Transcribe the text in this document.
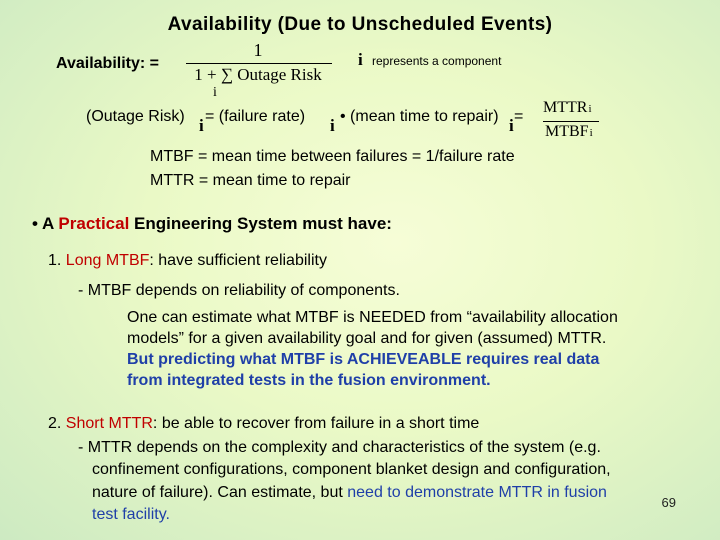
Availability (Due to Unscheduled Events)
Availability: =
1
1 + ∑ Outage Risk
i
i represents a component
(Outage Risk) i = (failure rate) i • (mean time to repair) i =
MTTRi
MTBFi
MTBF = mean time between failures = 1/failure rate
MTTR = mean time to repair
• A Practical Engineering System must have:
1. Long MTBF: have sufficient reliability
- MTBF depends on reliability of components.
One can estimate what MTBF is NEEDED from “availability allocation
models” for a given availability goal and for given (assumed) MTTR.
But predicting what MTBF is ACHIEVEABLE requires real data
from integrated tests in the fusion environment.
2. Short MTTR: be able to recover from failure in a short time
- MTTR depends on the complexity and characteristics of the system (e.g.
confinement configurations, component blanket design and configuration,
nature of failure). Can estimate, but need to demonstrate MTTR in fusion
test facility.
69
